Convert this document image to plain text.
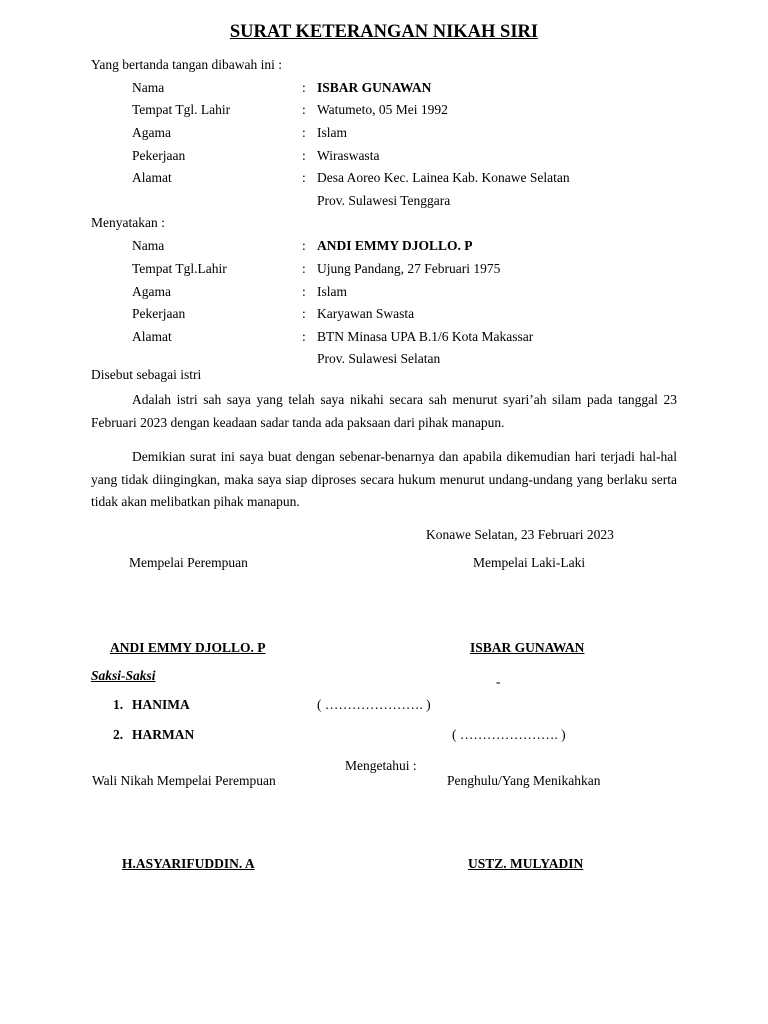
SURAT KETERANGAN NIKAH SIRI
Yang bertanda tangan dibawah ini :
Nama	: ISBAR GUNAWAN
Tempat Tgl. Lahir	: Watumeto, 05 Mei 1992
Agama	: Islam
Pekerjaan	: Wiraswasta
Alamat	: Desa Aoreo Kec. Lainea Kab. Konawe Selatan
Prov. Sulawesi Tenggara
Menyatakan :
Nama	: ANDI EMMY DJOLLO. P
Tempat Tgl.Lahir	: Ujung Pandang, 27 Februari 1975
Agama	: Islam
Pekerjaan	: Karyawan Swasta
Alamat	: BTN Minasa UPA B.1/6 Kota Makassar
Prov. Sulawesi Selatan
Disebut sebagai istri
Adalah istri sah saya yang telah saya nikahi secara sah menurut syari’ah silam pada tanggal 23 Februari 2023 dengan keadaan sadar tanda ada paksaan dari pihak manapun.
Demikian surat ini saya buat dengan sebenar-benarnya dan apabila dikemudian hari terjadi hal-hal yang tidak diingingkan, maka saya siap diproses secara hukum menurut undang-undang yang berlaku serta tidak akan melibatkan pihak manapun.
Konawe Selatan, 23 Februari 2023
Mempelai Perempuan	Mempelai Laki-Laki
ANDI EMMY DJOLLO. P	ISBAR GUNAWAN
Saksi-Saksi	-
1. HANIMA	( …………………. )
2. HARMAN	( …………………. )
Mengetahui :
Wali Nikah Mempelai Perempuan	Penghulu/Yang Menikahkan
H.ASYARIFUDDIN. A	USTZ. MULYADIN
